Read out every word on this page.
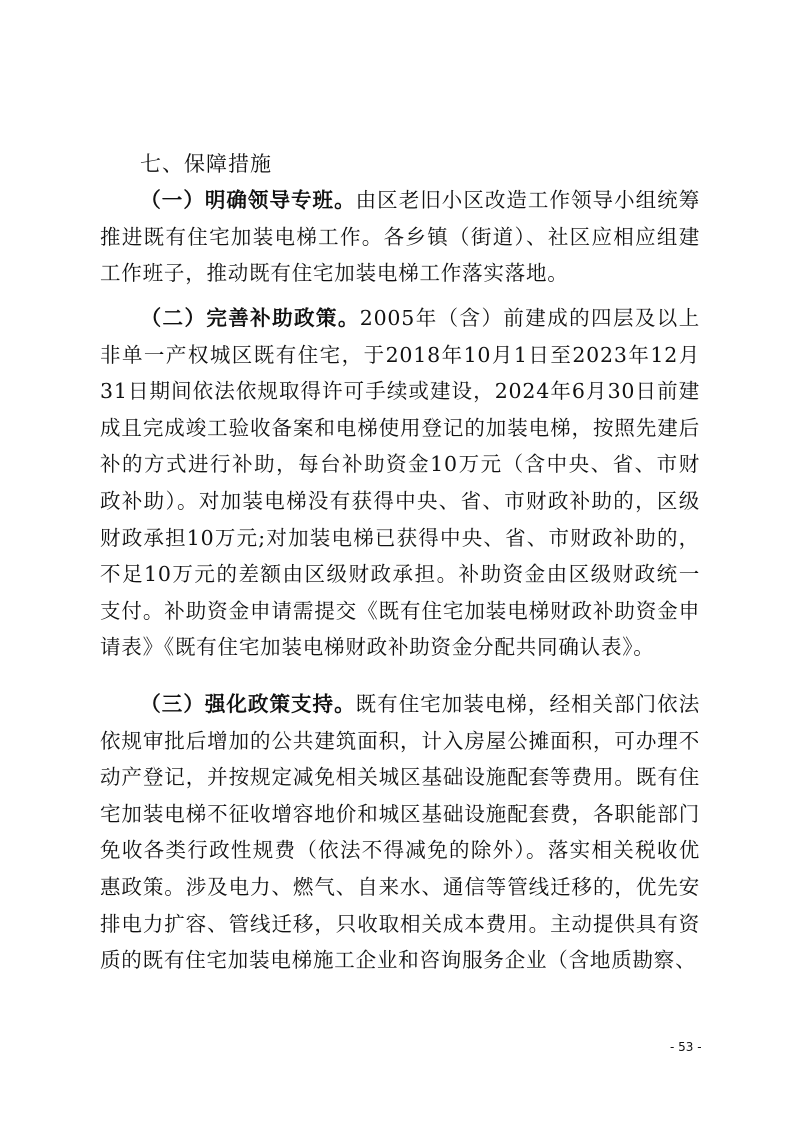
七、保障措施
（一）明确领导专班。由区老旧小区改造工作领导小组统筹推进既有住宅加装电梯工作。各乡镇（街道）、社区应相应组建工作班子，推动既有住宅加装电梯工作落实落地。
（二）完善补助政策。2005年（含）前建成的四层及以上非单一产权城区既有住宅，于2018年10月1日至2023年12月31日期间依法依规取得许可手续或建设，2024年6月30日前建成且完成竣工验收备案和电梯使用登记的加装电梯，按照先建后补的方式进行补助，每台补助资金10万元（含中央、省、市财政补助）。对加装电梯没有获得中央、省、市财政补助的，区级财政承担10万元;对加装电梯已获得中央、省、市财政补助的，不足10万元的差额由区级财政承担。补助资金由区级财政统一支付。补助资金申请需提交《既有住宅加装电梯财政补助资金申请表》《既有住宅加装电梯财政补助资金分配共同确认表》。
（三）强化政策支持。既有住宅加装电梯，经相关部门依法依规审批后增加的公共建筑面积，计入房屋公摊面积，可办理不动产登记，并按规定减免相关城区基础设施配套等费用。既有住宅加装电梯不征收增容地价和城区基础设施配套费，各职能部门免收各类行政性规费（依法不得减免的除外）。落实相关税收优惠政策。涉及电力、燃气、自来水、通信等管线迁移的，优先安排电力扩容、管线迁移，只收取相关成本费用。主动提供具有资质的既有住宅加装电梯施工企业和咨询服务企业（含地质勘察、
- 53 -
